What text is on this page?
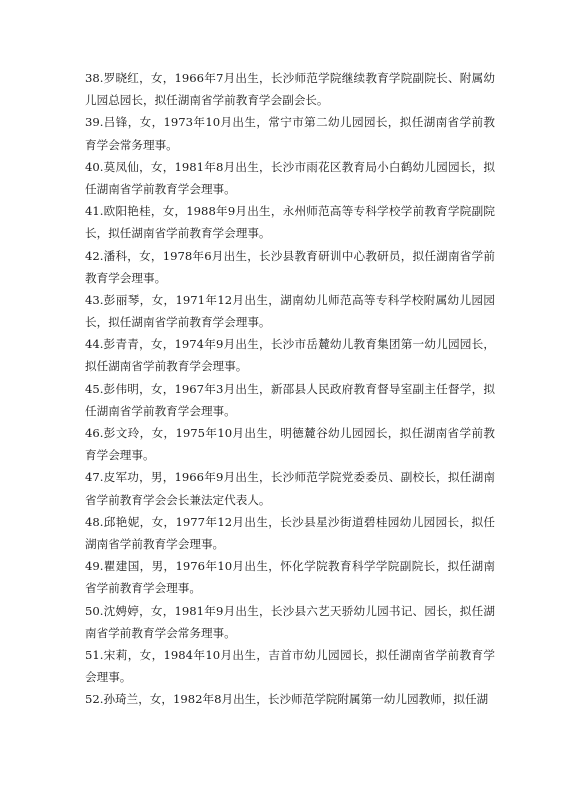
38.罗晓红，女，1966年7月出生，长沙师范学院继续教育学院副院长、附属幼
儿园总园长，拟任湖南省学前教育学会副会长。
39.吕锋，女，1973年10月出生，常宁市第二幼儿园园长，拟任湖南省学前教
育学会常务理事。
40.莫凤仙，女，1981年8月出生，长沙市雨花区教育局小白鹤幼儿园园长，拟
任湖南省学前教育学会理事。
41.欧阳艳桂，女，1988年9月出生，永州师范高等专科学校学前教育学院副院
长，拟任湖南省学前教育学会理事。
42.潘科，女，1978年6月出生，长沙县教育研训中心教研员，拟任湖南省学前
教育学会理事。
43.彭丽琴，女，1971年12月出生，湖南幼儿师范高等专科学校附属幼儿园园
长，拟任湖南省学前教育学会理事。
44.彭青青，女，1974年9月出生，长沙市岳麓幼儿教育集团第一幼儿园园长，
拟任湖南省学前教育学会理事。
45.彭伟明，女，1967年3月出生，新邵县人民政府教育督导室副主任督学，拟
任湖南省学前教育学会理事。
46.彭文玲，女，1975年10月出生，明德麓谷幼儿园园长，拟任湖南省学前教
育学会理事。
47.皮军功，男，1966年9月出生，长沙师范学院党委委员、副校长，拟任湖南
省学前教育学会会长兼法定代表人。
48.邱艳妮，女，1977年12月出生，长沙县星沙街道碧桂园幼儿园园长，拟任
湖南省学前教育学会理事。
49.瞿建国，男，1976年10月出生，怀化学院教育科学学院副院长，拟任湖南
省学前教育学会理事。
50.沈娉婷，女，1981年9月出生，长沙县六艺天骄幼儿园书记、园长，拟任湖
南省学前教育学会常务理事。
51.宋莉，女，1984年10月出生，吉首市幼儿园园长，拟任湖南省学前教育学
会理事。
52.孙琦兰，女，1982年8月出生，长沙师范学院附属第一幼儿园教师，拟任湖
